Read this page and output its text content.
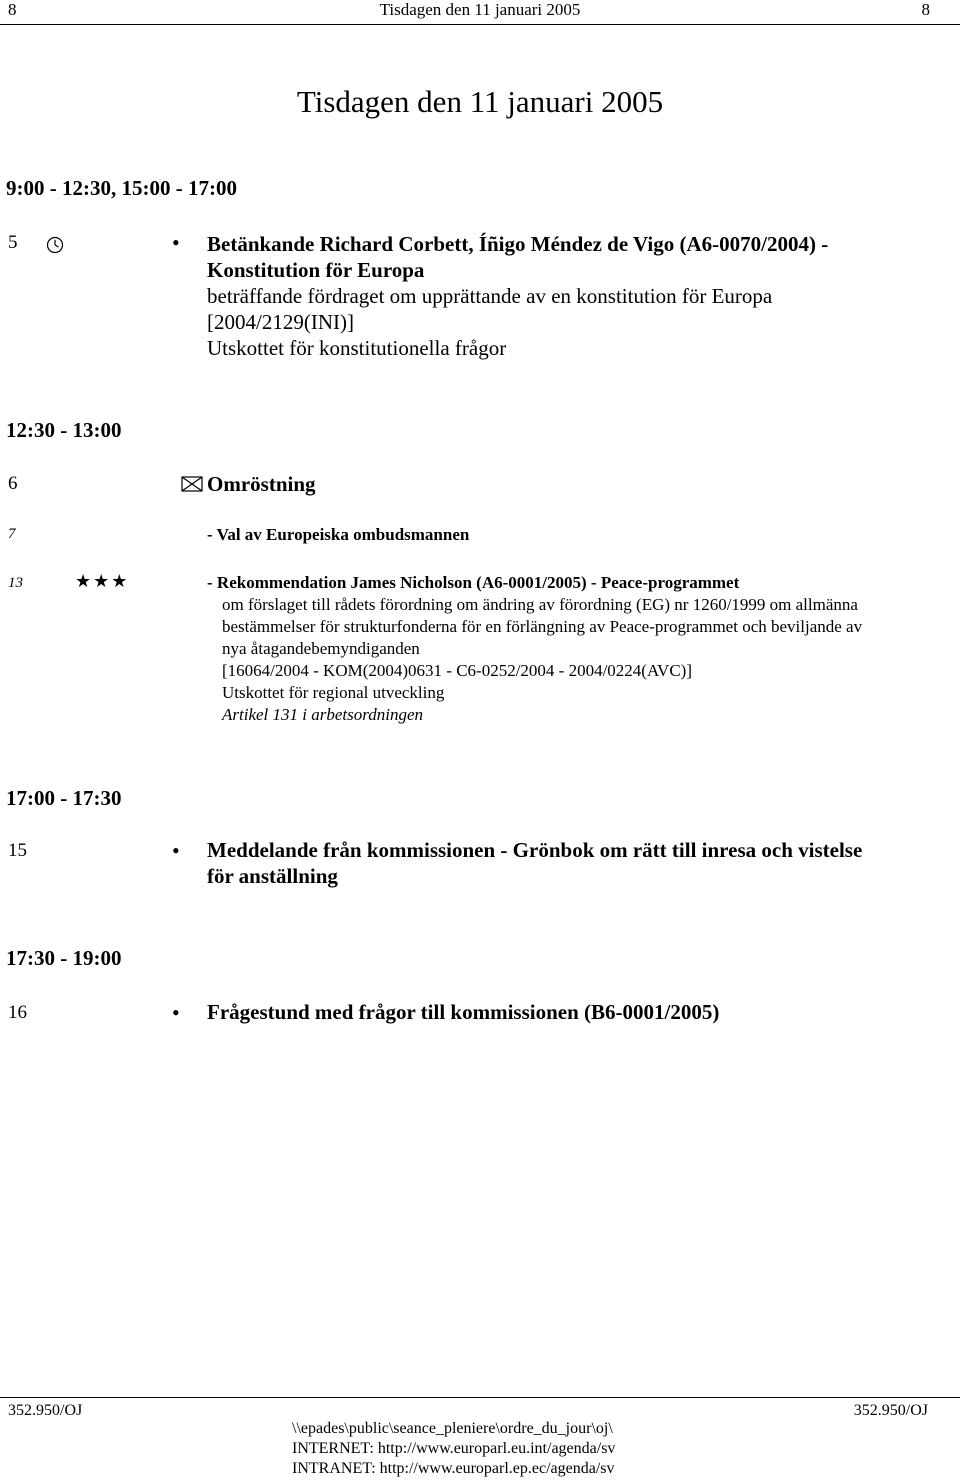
8	Tisdagen den 11 januari 2005	8
Tisdagen den 11 januari 2005
9:00 - 12:30, 15:00 - 17:00
5	• Betänkande Richard Corbett, Íñigo Méndez de Vigo (A6-0070/2004) -
Konstitution för Europa
beträffande fördraget om upprättande av en konstitution för Europa
[2004/2129(INI)]
Utskottet för konstitutionella frågor
12:30 - 13:00
6	Omröstning
7	- Val av Europeiska ombudsmannen
13	★★★	- Rekommendation James Nicholson (A6-0001/2005) - Peace-programmet
om förslaget till rådets förordning om ändring av förordning (EG) nr 1260/1999 om allmänna
bestämmelser för strukturfonderna för en förlängning av Peace-programmet och beviljande av
nya åtagandebemyndiganden
[16064/2004 - KOM(2004)0631 - C6-0252/2004 - 2004/0224(AVC)]
Utskottet för regional utveckling
Artikel 131 i arbetsordningen
17:00 - 17:30
15	• Meddelande från kommissionen - Grönbok om rätt till inresa och vistelse
för anställning
17:30 - 19:00
16	• Frågestund med frågor till kommissionen (B6-0001/2005)
352.950/OJ	352.950/OJ
\\epades\public\seance_pleniere\ordre_du_jour\oj\
INTERNET: http://www.europarl.eu.int/agenda/sv
INTRANET: http://www.europarl.ep.ec/agenda/sv
